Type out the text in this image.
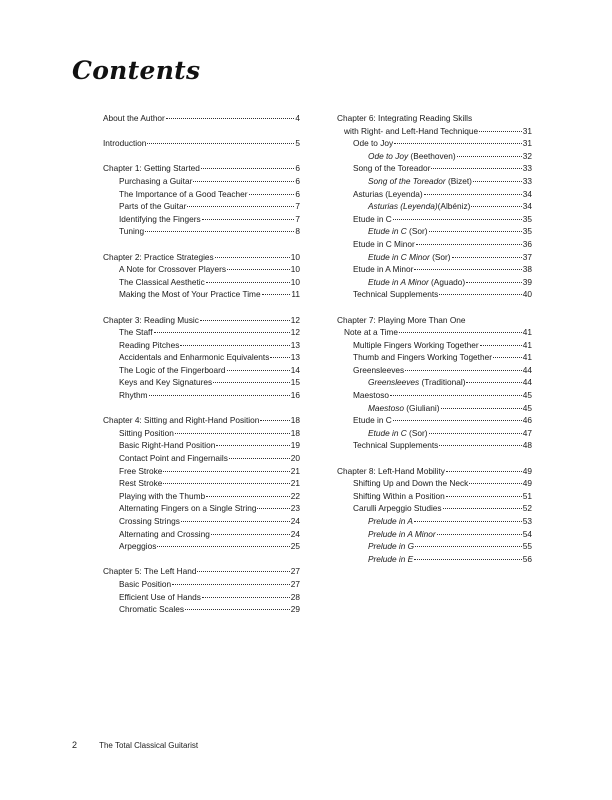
Contents
About the Author	4
Introduction	5
Chapter 1: Getting Started	6
Purchasing a Guitar	6
The Importance of a Good Teacher	6
Parts of the Guitar	7
Identifying the Fingers	7
Tuning	8
Chapter 2: Practice Strategies	10
A Note for Crossover Players	10
The Classical Aesthetic	10
Making the Most of Your Practice Time	11
Chapter 3: Reading Music	12
The Staff	12
Reading Pitches	13
Accidentals and Enharmonic Equivalents	13
The Logic of the Fingerboard	14
Keys and Key Signatures	15
Rhythm	16
Chapter 4: Sitting and Right-Hand Position	18
Sitting Position	18
Basic Right-Hand Position	19
Contact Point and Fingernails	20
Free Stroke	21
Rest Stroke	21
Playing with the Thumb	22
Alternating Fingers on a Single String	23
Crossing Strings	24
Alternating and Crossing	24
Arpeggios	25
Chapter 5: The Left Hand	27
Basic Position	27
Efficient Use of Hands	28
Chromatic Scales	29
Chapter 6: Integrating Reading Skills
with Right- and Left-Hand Technique	31
Ode to Joy	31
Ode to Joy (Beethoven)	32
Song of the Toreador	33
Song of the Toreador (Bizet)	33
Asturias (Leyenda)	34
Asturias (Leyenda)(Albéniz)	34
Etude in C	35
Etude in C (Sor)	35
Etude in C Minor	36
Etude in C Minor (Sor)	37
Etude in A Minor	38
Etude in A Minor (Aguado)	39
Technical Supplements	40
Chapter 7: Playing More Than One
Note at a Time	41
Multiple Fingers Working Together	41
Thumb and Fingers Working Together	41
Greensleeves	44
Greensleeves (Traditional)	44
Maestoso	45
Maestoso (Giuliani)	45
Etude in C	46
Etude in C (Sor)	47
Technical Supplements	48
Chapter 8: Left-Hand Mobility	49
Shifting Up and Down the Neck	49
Shifting Within a Position	51
Carulli Arpeggio Studies	52
Prelude in A	53
Prelude in A Minor	54
Prelude in G	55
Prelude in E	56
2	The Total Classical Guitarist
